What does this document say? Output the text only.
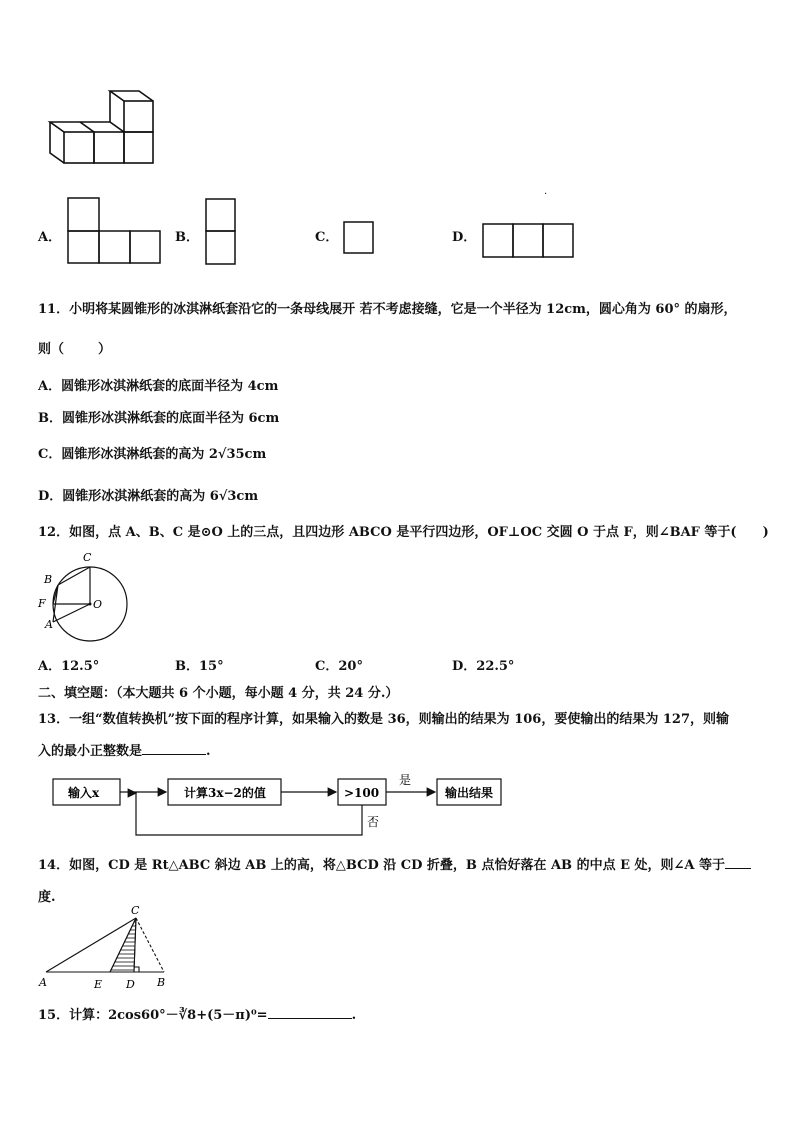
A．	B．	C．	D．
.
11．小明将某圆锥形的冰淇淋纸套沿它的一条母线展开 若不考虑接缝，它是一个半径为 12cm，圆心角为 60° 的扇形，
则（	）
A．圆锥形冰淇淋纸套的底面半径为 4cm
B．圆锥形冰淇淋纸套的底面半径为 6cm
C．圆锥形冰淇淋纸套的高为 2√35cm
D．圆锥形冰淇淋纸套的高为 6√3cm
12．如图，点 A、B、C 是⊙O 上的三点，且四边形 ABCO 是平行四边形，OF⊥OC 交圆 O 于点 F，则∠BAF 等于( )
C
B
F	O
A
A．12.5°	B．15°	C．20°	D．22.5°
二、填空题：（本大题共 6 个小题，每小题 4 分，共 24 分.）
13．一组“数值转换机”按下面的程序计算，如果输入的数是 36，则输出的结果为 106，要使输出的结果为 127，则输
入的最小正整数是	.
输入x	计算3x−2的值	>100	输出结果
是
否
14．如图，CD 是 Rt△ABC 斜边 AB 上的高，将△BCD 沿 CD 折叠，B 点恰好落在 AB 的中点 E 处，则∠A 等于
度.
C
A	E D B
15．计算：2cos60°－∛8+(5－π)⁰=	.
